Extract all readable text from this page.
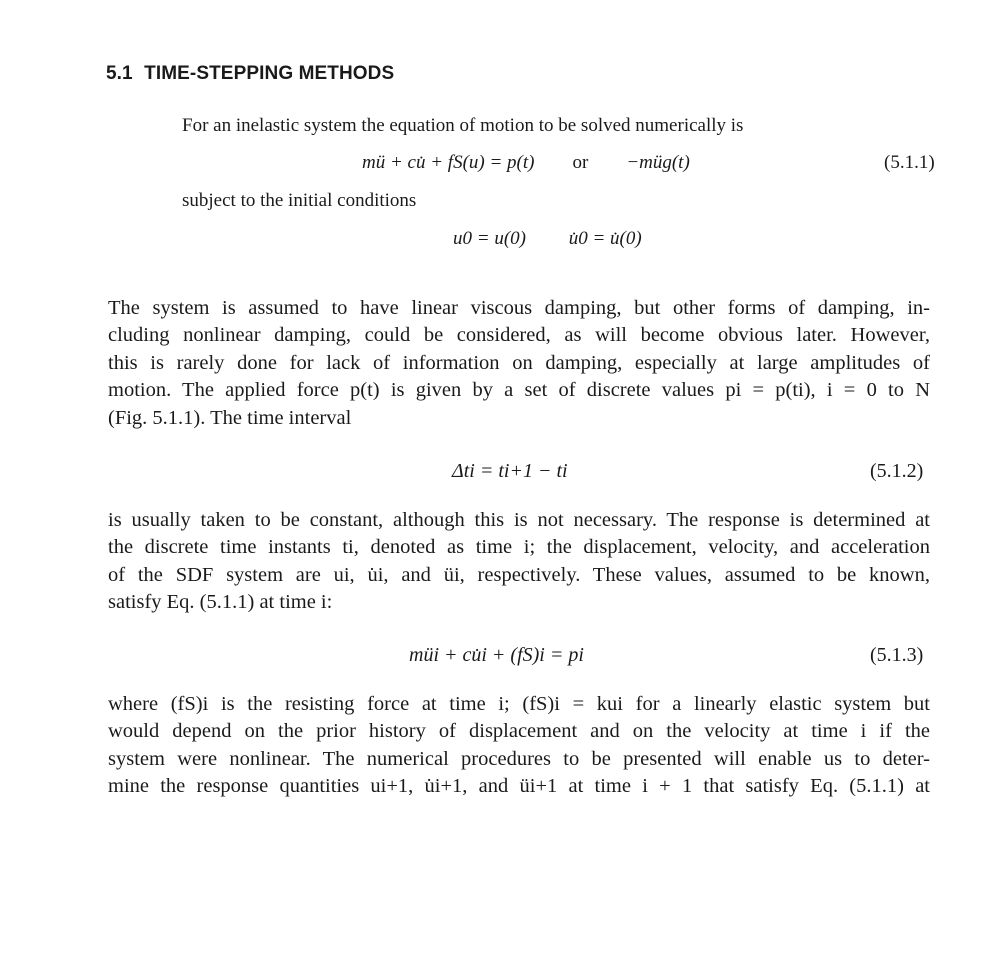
5.1 TIME-STEPPING METHODS
For an inelastic system the equation of motion to be solved numerically is
mü + cu̇ + fS(u) = p(t) or −müg(t)	(5.1.1)
subject to the initial conditions
u0 = u(0) u̇0 = u̇(0)
The system is assumed to have linear viscous damping, but other forms of damping, in-
cluding nonlinear damping, could be considered, as will become obvious later. However,
this is rarely done for lack of information on damping, especially at large amplitudes of
motion. The applied force p(t) is given by a set of discrete values pi = p(ti), i = 0 to N
(Fig. 5.1.1). The time interval
Δti = ti+1 − ti	(5.1.2)
is usually taken to be constant, although this is not necessary. The response is determined at
the discrete time instants ti, denoted as time i; the displacement, velocity, and acceleration
of the SDF system are ui, u̇i, and üi, respectively. These values, assumed to be known,
satisfy Eq. (5.1.1) at time i:
müi + cu̇i + (fS)i = pi	(5.1.3)
where (fS)i is the resisting force at time i; (fS)i = kui for a linearly elastic system but
would depend on the prior history of displacement and on the velocity at time i if the
system were nonlinear. The numerical procedures to be presented will enable us to deter-
mine the response quantities ui+1, u̇i+1, and üi+1 at time i + 1 that satisfy Eq. (5.1.1) at
